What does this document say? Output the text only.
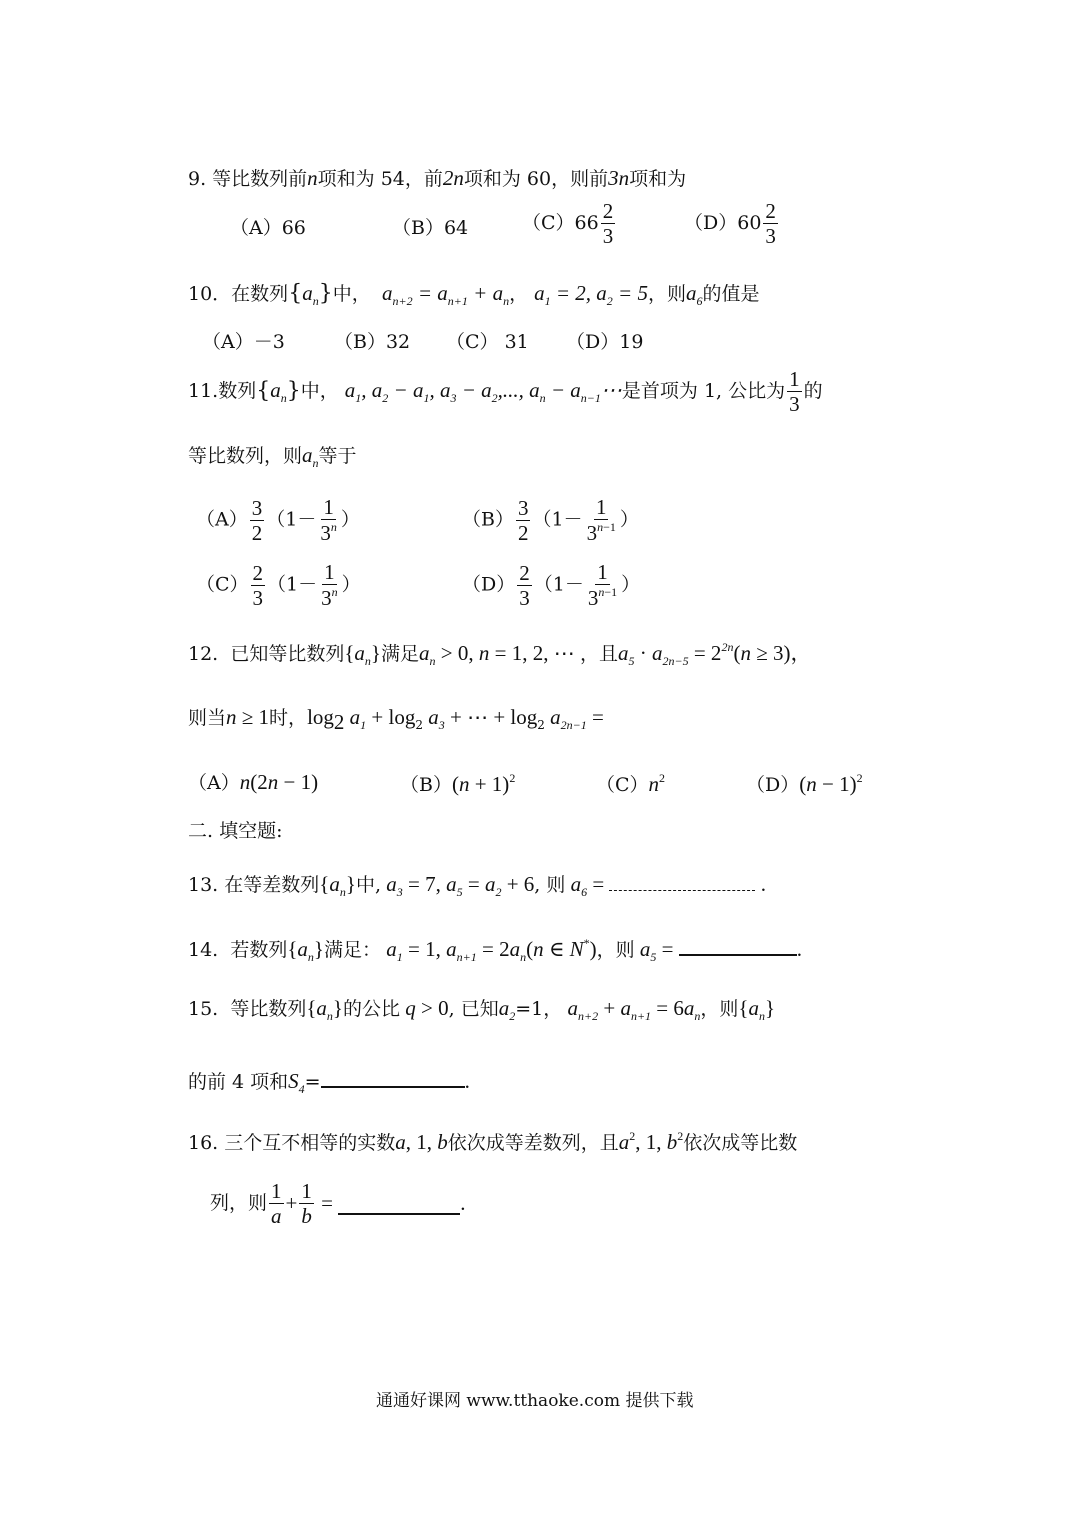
9. 等比数列前n项和为 54，前2n项和为 60，则前3n项和为
（A）66	（B）64	$(C)66 \frac{2}{3}$	$(D)60 \frac{2}{3}$
10．在数列$\{a_n\}$中，  $a_{n+2} = a_{n+1} + a_n$， $a_1 = 2$, $a_2 = 5$，则$a_6$的值是
（A）－3	（B）32 （C） 31 （D）19
11.数列$\{a_n\}$中， $a_1$, $a_2 - a_1$, $a_3 - a_2$,..., $a_n$ − $a_{n-1}\cdots$是首项为 1, 公比为 $\frac{1}{3}$ 的
等比数列，则$a_n$等于
$(A) \frac{3}{2} (1- \frac{1}{3^n}$ ）	$(B) \frac{3}{2} (1- \frac{1}{3^{n-1}}$ ）
$(C) \frac{2}{3} (1- \frac{1}{3^n}$ ）	$(D) \frac{2}{3} (1- \frac{1}{3^{n-1}}$ ）
12. 已知等比数列$\{a_n\}$满足$a_n > 0$, n = 1, 2, ⋯ ，且$a_5 \cdot a_{2n-5} = 2^{2n}(n \ge 3)$，
则当n ≥ 1时，$\log_2 a_1 + \log_2 a_3$ + ⋯ + $\log_2 a_{2n-1}$ =
（A）n(2n − 1)	$(B)(n + 1)^2$	$(C)n^2$	$(D)(n - 1)^2$
二. 填空题:
13. 在等差数列$\{a_n\}$中, $a_3 = 7$, $a_5 = a_2 + 6$, 则 $a_6$ =	.
14. 若数列$\{a_n\}$满足： $a_1 = 1$, $a_{n+1} = 2a_n(n$ ∈ N*)，则 $a_5$ =	.
15. 等比数列$\{a_n\}$的公比 q > 0, 已知$a_2=1$， $a_{n+2} + a_{n+1} = 6a_n$，则$\{a_n\}$
的前 4 项和$S_4=$	.
16. 三个互不相等的实数a, 1, b依次成等差数列，且$a^2$, 1, $b^2$依次成等比数
列，则 $\frac{1}{a} + \frac{1}{b}$ =	.
通通好课网 www.tthaoke.com 提供下载
